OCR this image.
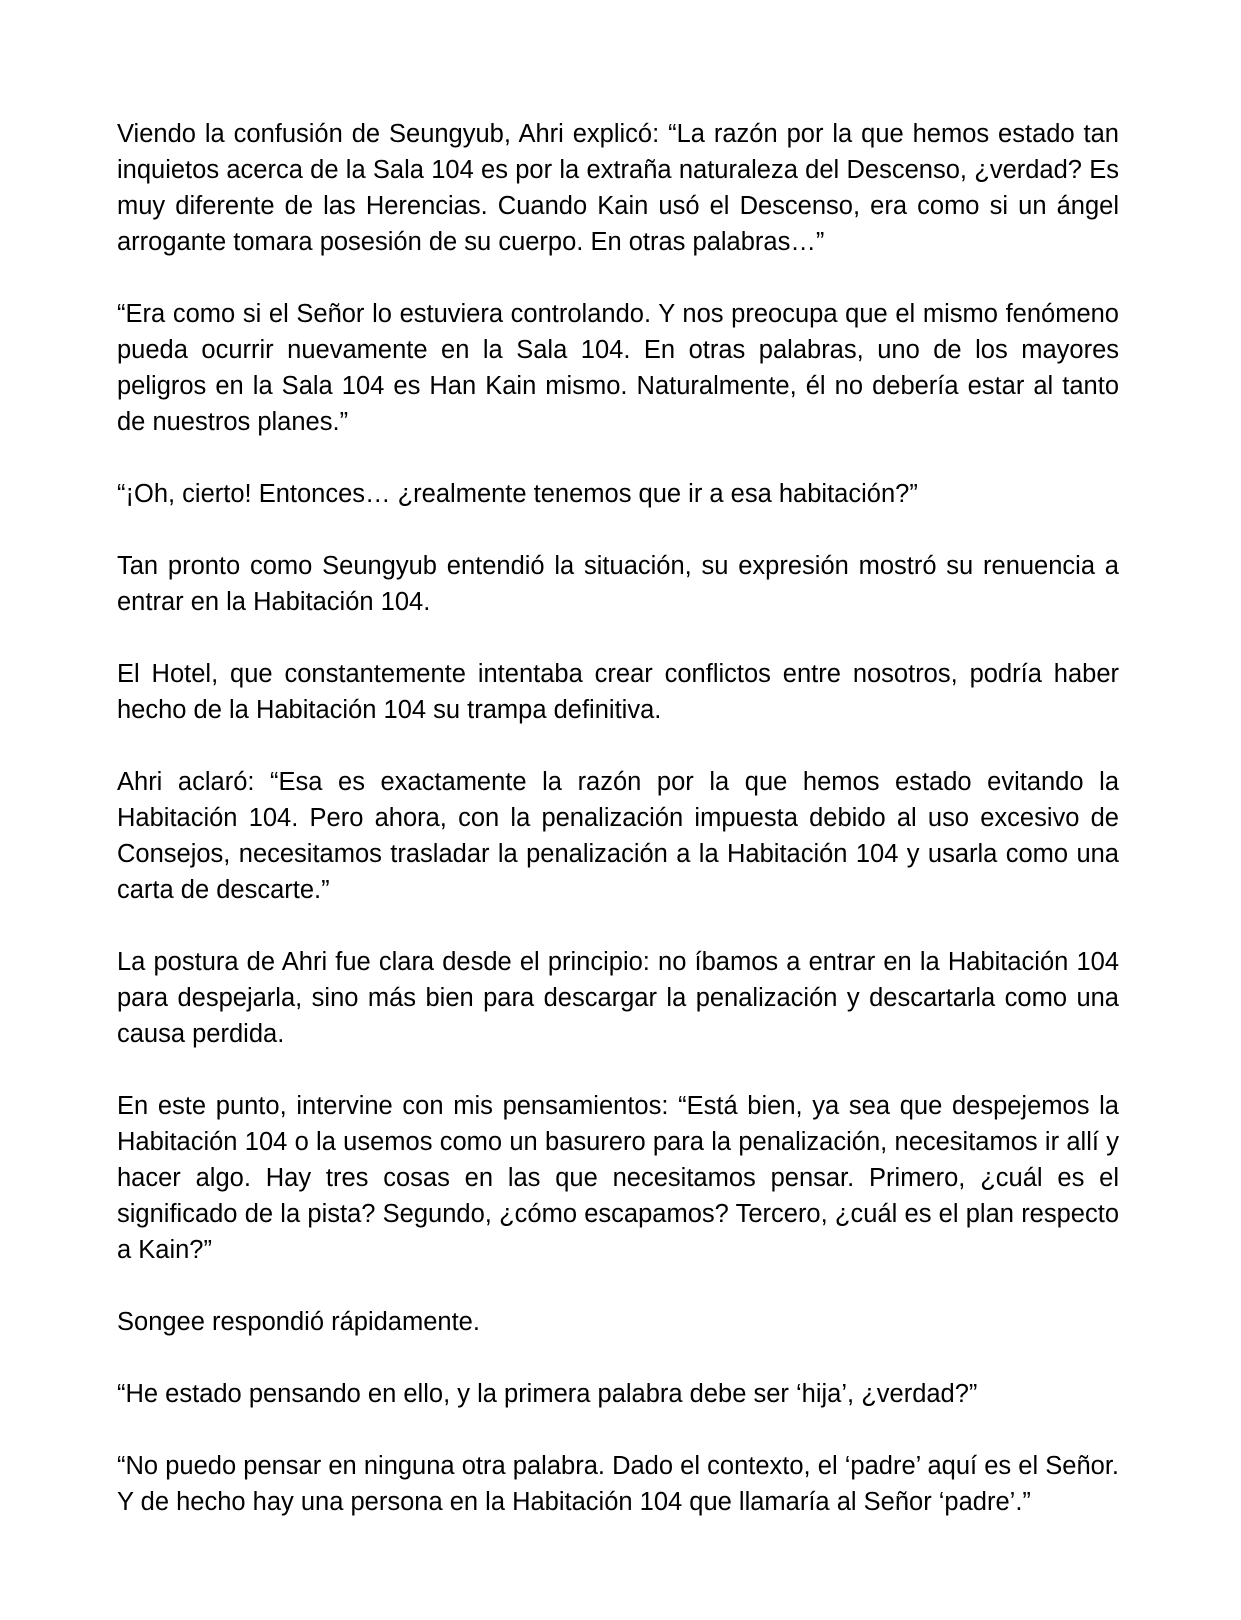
Viendo la confusión de Seungyub, Ahri explicó: “La razón por la que hemos estado tan inquietos acerca de la Sala 104 es por la extraña naturaleza del Descenso, ¿verdad? Es muy diferente de las Herencias. Cuando Kain usó el Descenso, era como si un ángel arrogante tomara posesión de su cuerpo. En otras palabras…”

“Era como si el Señor lo estuviera controlando. Y nos preocupa que el mismo fenómeno pueda ocurrir nuevamente en la Sala 104. En otras palabras, uno de los mayores peligros en la Sala 104 es Han Kain mismo. Naturalmente, él no debería estar al tanto de nuestros planes.”

“¡Oh, cierto! Entonces… ¿realmente tenemos que ir a esa habitación?”

Tan pronto como Seungyub entendió la situación, su expresión mostró su renuencia a entrar en la Habitación 104.

El Hotel, que constantemente intentaba crear conflictos entre nosotros, podría haber hecho de la Habitación 104 su trampa definitiva.

Ahri aclaró: “Esa es exactamente la razón por la que hemos estado evitando la Habitación 104. Pero ahora, con la penalización impuesta debido al uso excesivo de Consejos, necesitamos trasladar la penalización a la Habitación 104 y usarla como una carta de descarte.”

La postura de Ahri fue clara desde el principio: no íbamos a entrar en la Habitación 104 para despejarla, sino más bien para descargar la penalización y descartarla como una causa perdida.

En este punto, intervine con mis pensamientos: “Está bien, ya sea que despejemos la Habitación 104 o la usemos como un basurero para la penalización, necesitamos ir allí y hacer algo. Hay tres cosas en las que necesitamos pensar. Primero, ¿cuál es el significado de la pista? Segundo, ¿cómo escapamos? Tercero, ¿cuál es el plan respecto a Kain?”

Songee respondió rápidamente.

“He estado pensando en ello, y la primera palabra debe ser ‘hija’, ¿verdad?”

“No puedo pensar en ninguna otra palabra. Dado el contexto, el ‘padre’ aquí es el Señor. Y de hecho hay una persona en la Habitación 104 que llamaría al Señor ‘padre’.”
